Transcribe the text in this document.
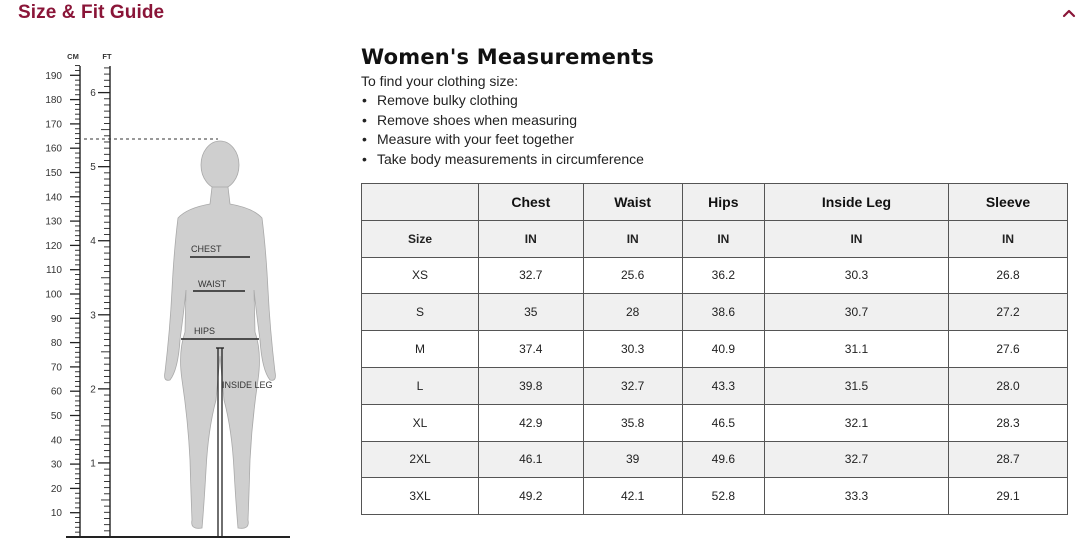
Size & Fit Guide
CM	FT
190
180
170
160
150
140
130
120
110
100
90
80
70
60
50
40
30
20
10
6
5
4
3
2
1
CHEST
WAIST
HIPS
INSIDE LEG
Women's Measurements
To find your clothing size:
• Remove bulky clothing
• Remove shoes when measuring
• Measure with your feet together
• Take body measurements in circumference
	Chest	Waist	Hips	Inside Leg	Sleeve
Size	IN	IN	IN	IN	IN
XS	32.7	25.6	36.2	30.3	26.8
S	35	28	38.6	30.7	27.2
M	37.4	30.3	40.9	31.1	27.6
L	39.8	32.7	43.3	31.5	28.0
XL	42.9	35.8	46.5	32.1	28.3
2XL	46.1	39	49.6	32.7	28.7
3XL	49.2	42.1	52.8	33.3	29.1
